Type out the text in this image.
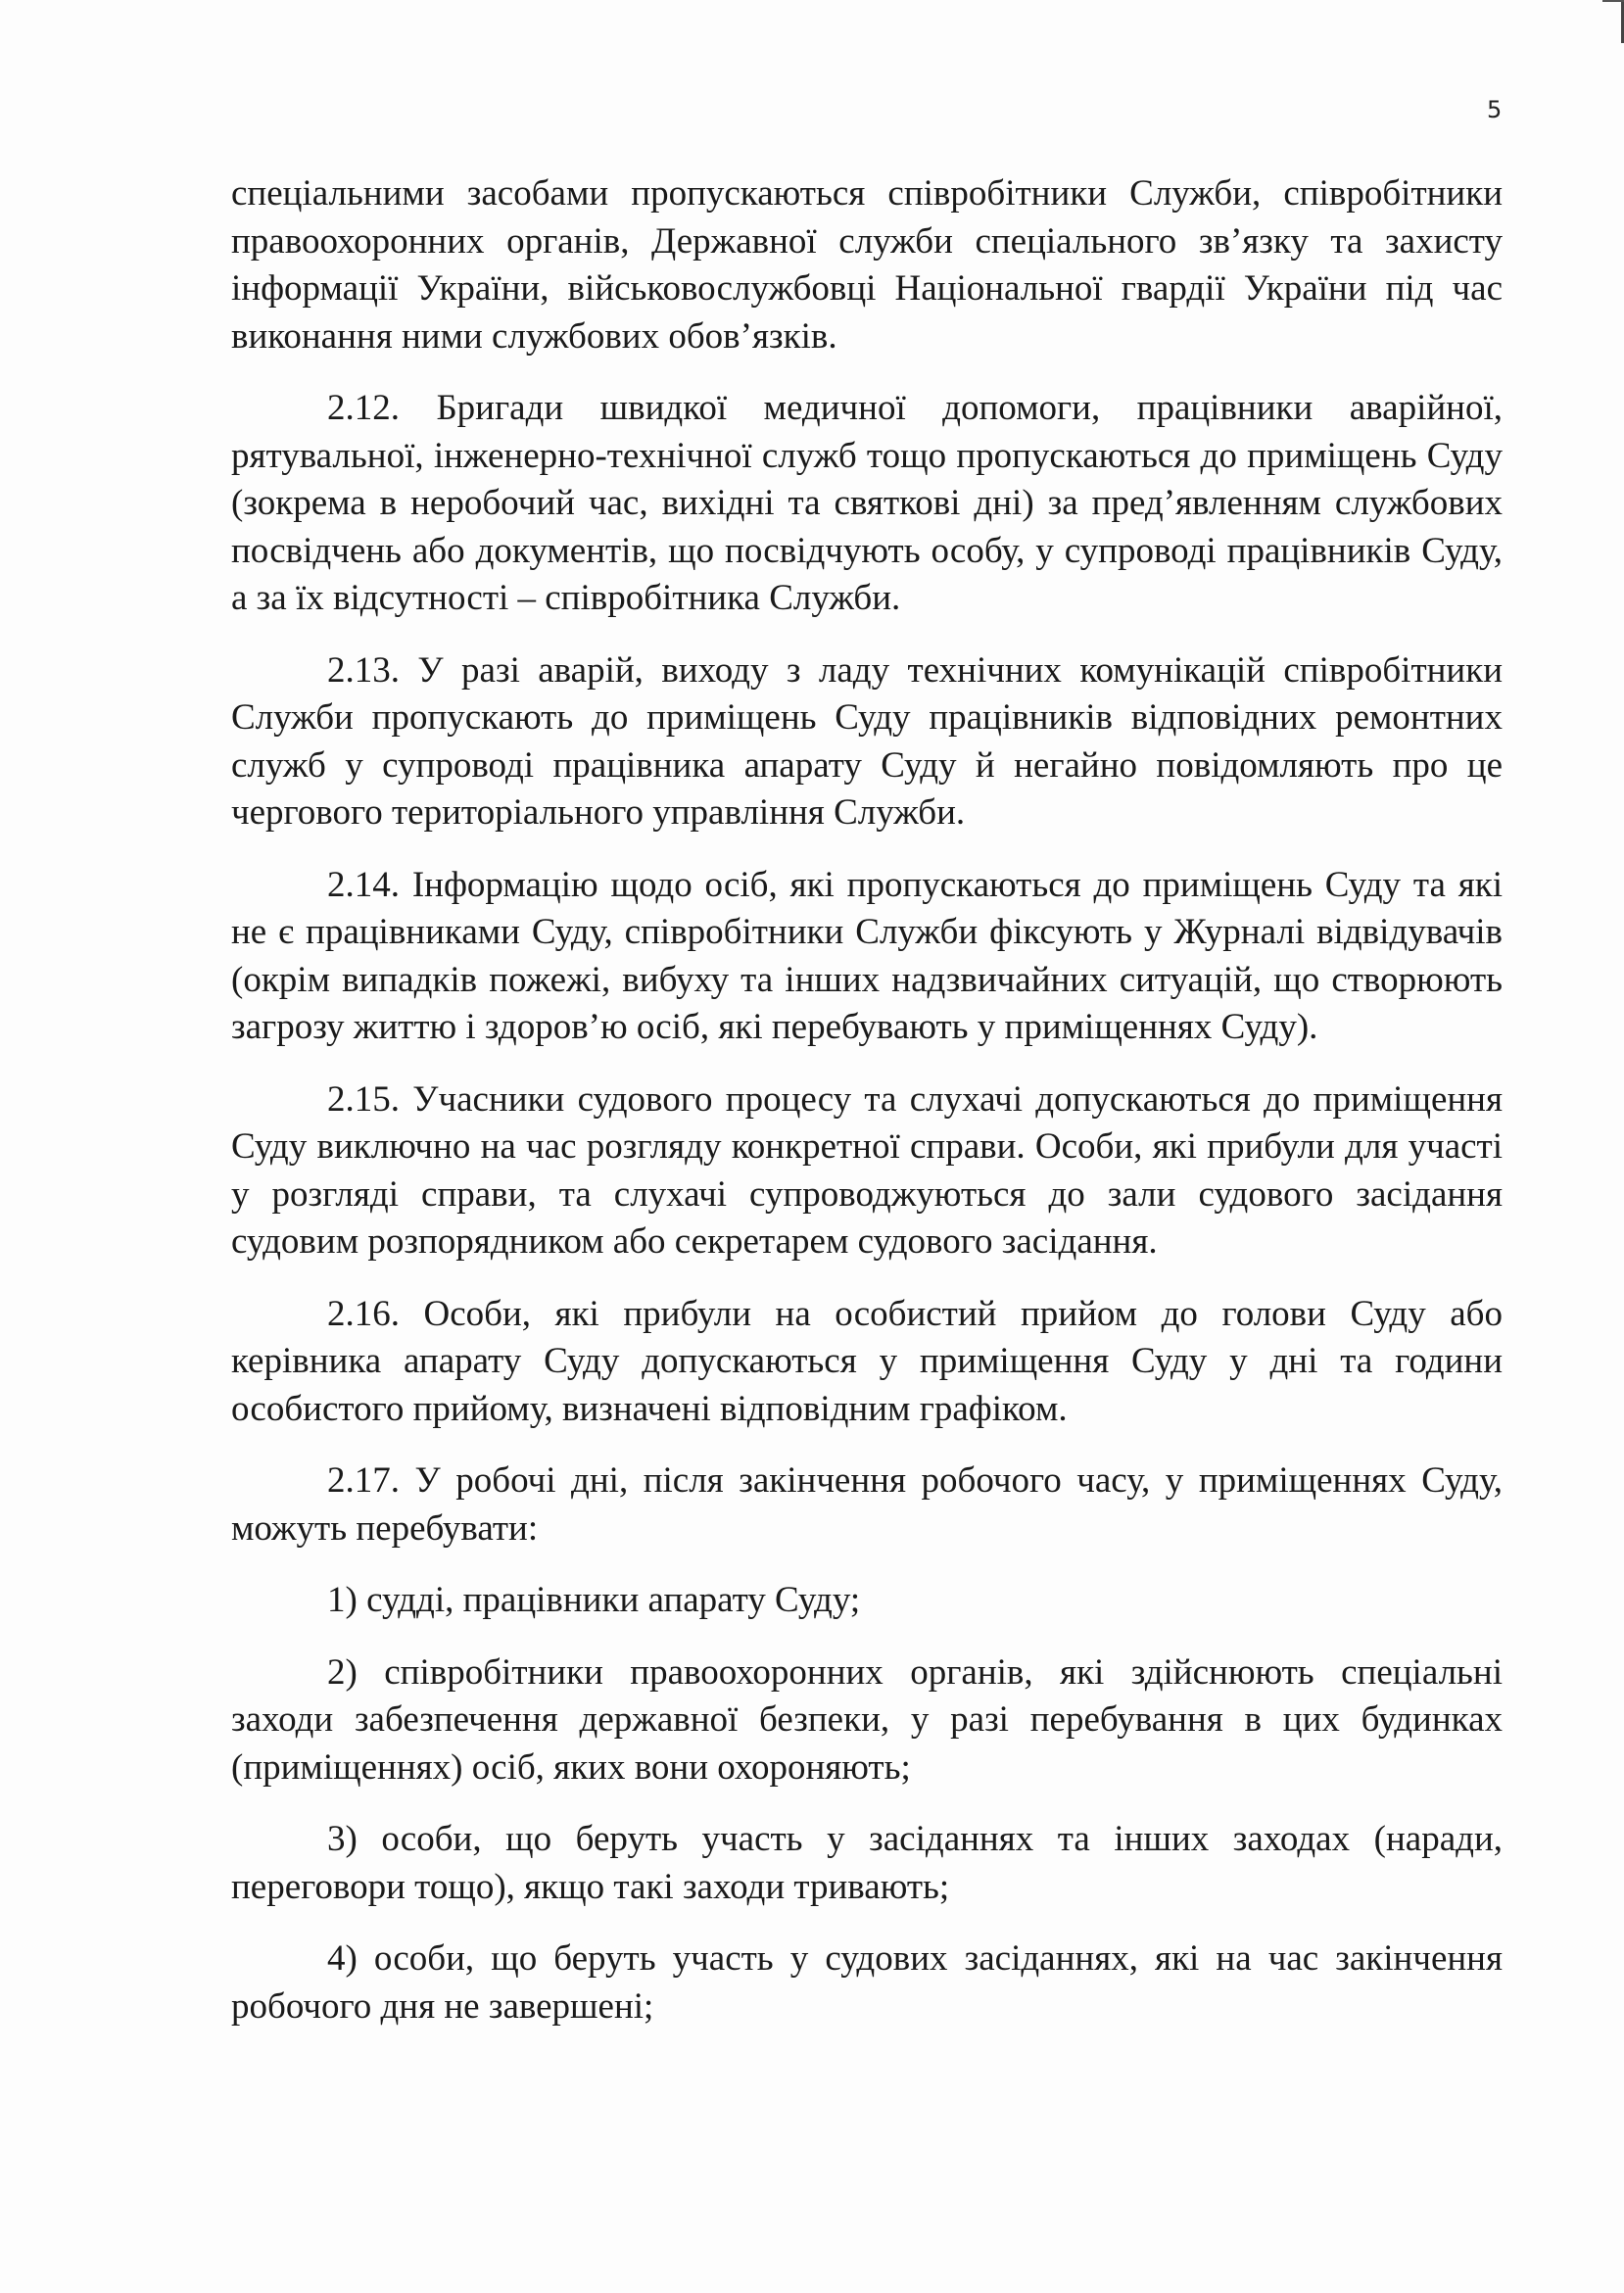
5

спеціальними засобами пропускаються співробітники Служби, співробітники правоохоронних органів, Державної служби спеціального зв’язку та захисту інформації України, військовослужбовці Національної гвардії України під час виконання ними службових обов’язків.

2.12. Бригади швидкої медичної допомоги, працівники аварійної, рятувальної, інженерно-технічної служб тощо пропускаються до приміщень Суду (зокрема в неробочий час, вихідні та святкові дні) за пред’явленням службових посвідчень або документів, що посвідчують особу, у супроводі працівників Суду, а за їх відсутності – співробітника Служби.

2.13. У разі аварій, виходу з ладу технічних комунікацій співробітники Служби пропускають до приміщень Суду працівників відповідних ремонтних служб у супроводі працівника апарату Суду й негайно повідомляють про це чергового територіального управління Служби.

2.14. Інформацію щодо осіб, які пропускаються до приміщень Суду та які не є працівниками Суду, співробітники Служби фіксують у Журналі відвідувачів (окрім випадків пожежі, вибуху та інших надзвичайних ситуацій, що створюють загрозу життю і здоров’ю осіб, які перебувають у приміщеннях Суду).

2.15. Учасники судового процесу та слухачі допускаються до приміщення Суду виключно на час розгляду конкретної справи. Особи, які прибули для участі у розгляді справи, та слухачі супроводжуються до зали судового засідання судовим розпорядником або секретарем судового засідання.

2.16. Особи, які прибули на особистий прийом до голови Суду або керівника апарату Суду допускаються у приміщення Суду у дні та години особистого прийому, визначені відповідним графіком.

2.17. У робочі дні, після закінчення робочого часу, у приміщеннях Суду, можуть перебувати:

1) судді, працівники апарату Суду;

2) співробітники правоохоронних органів, які здійснюють спеціальні заходи забезпечення державної безпеки, у разі перебування в цих будинках (приміщеннях) осіб, яких вони охороняють;

3) особи, що беруть участь у засіданнях та інших заходах (наради, переговори тощо), якщо такі заходи тривають;

4) особи, що беруть участь у судових засіданнях, які на час закінчення робочого дня не завершені;
